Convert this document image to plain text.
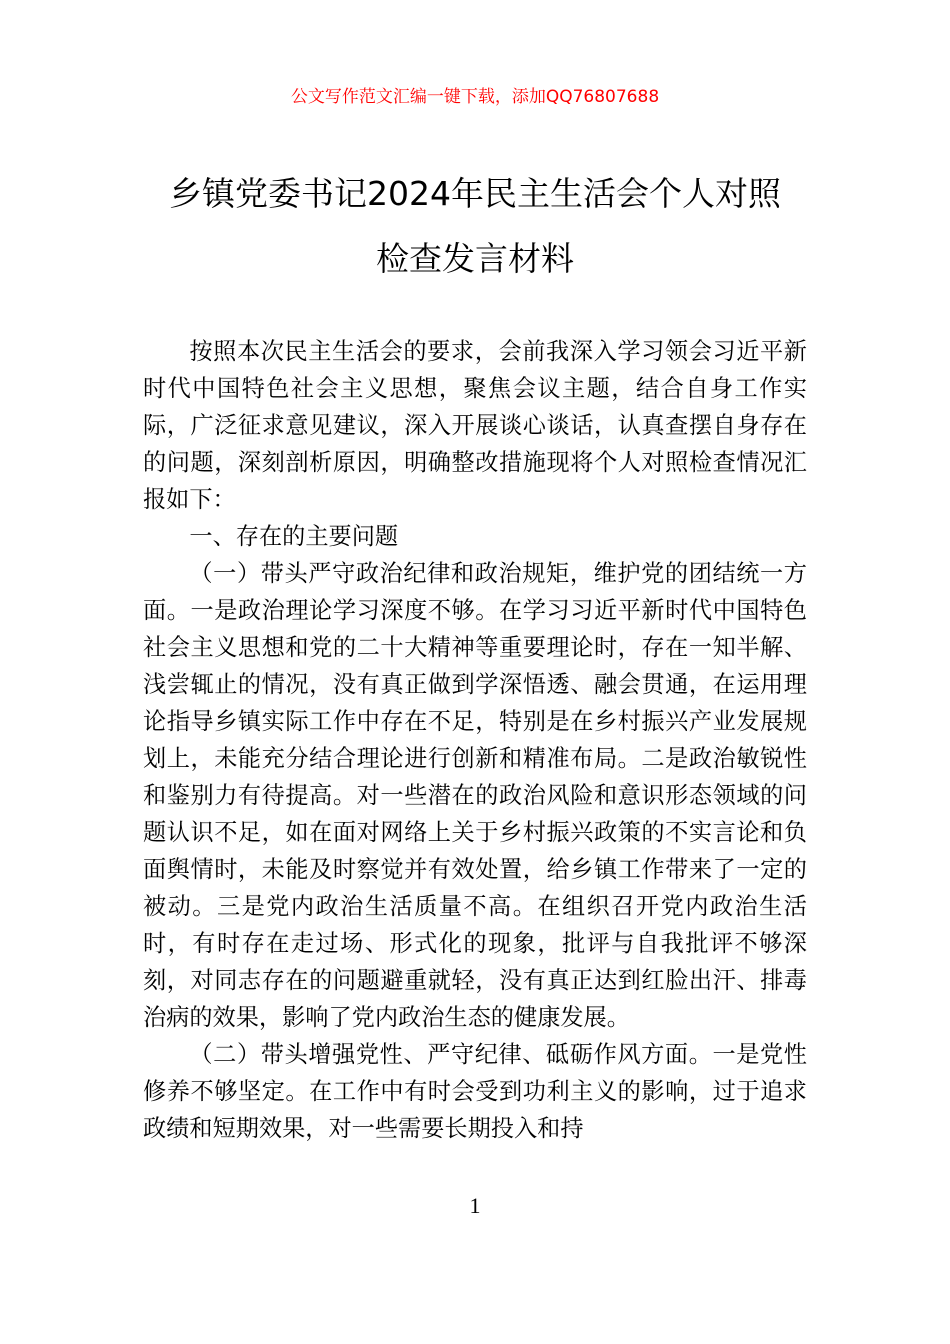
公文写作范文汇编一键下载，添加QQ76807688
乡镇党委书记2024年民主生活会个人对照
检查发言材料

按照本次民主生活会的要求，会前我深入学习领会习近平新时代中国特色社会主义思想，聚焦会议主题，结合自身工作实际，广泛征求意见建议，深入开展谈心谈话，认真查摆自身存在的问题，深刻剖析原因，明确整改措施现将个人对照检查情况汇报如下：

一、存在的主要问题

（一）带头严守政治纪律和政治规矩，维护党的团结统一方面。一是政治理论学习深度不够。在学习习近平新时代中国特色社会主义思想和党的二十大精神等重要理论时，存在一知半解、浅尝辄止的情况，没有真正做到学深悟透、融会贯通，在运用理论指导乡镇实际工作中存在不足，特别是在乡村振兴产业发展规划上，未能充分结合理论进行创新和精准布局。二是政治敏锐性和鉴别力有待提高。对一些潜在的政治风险和意识形态领域的问题认识不足，如在面对网络上关于乡村振兴政策的不实言论和负面舆情时，未能及时察觉并有效处置，给乡镇工作带来了一定的被动。三是党内政治生活质量不高。在组织召开党内政治生活时，有时存在走过场、形式化的现象，批评与自我批评不够深刻，对同志存在的问题避重就轻，没有真正达到红脸出汗、排毒治病的效果，影响了党内政治生态的健康发展。

（二）带头增强党性、严守纪律、砥砺作风方面。一是党性修养不够坚定。在工作中有时会受到功利主义的影响，过于追求政绩和短期效果，对一些需要长期投入和持

1
